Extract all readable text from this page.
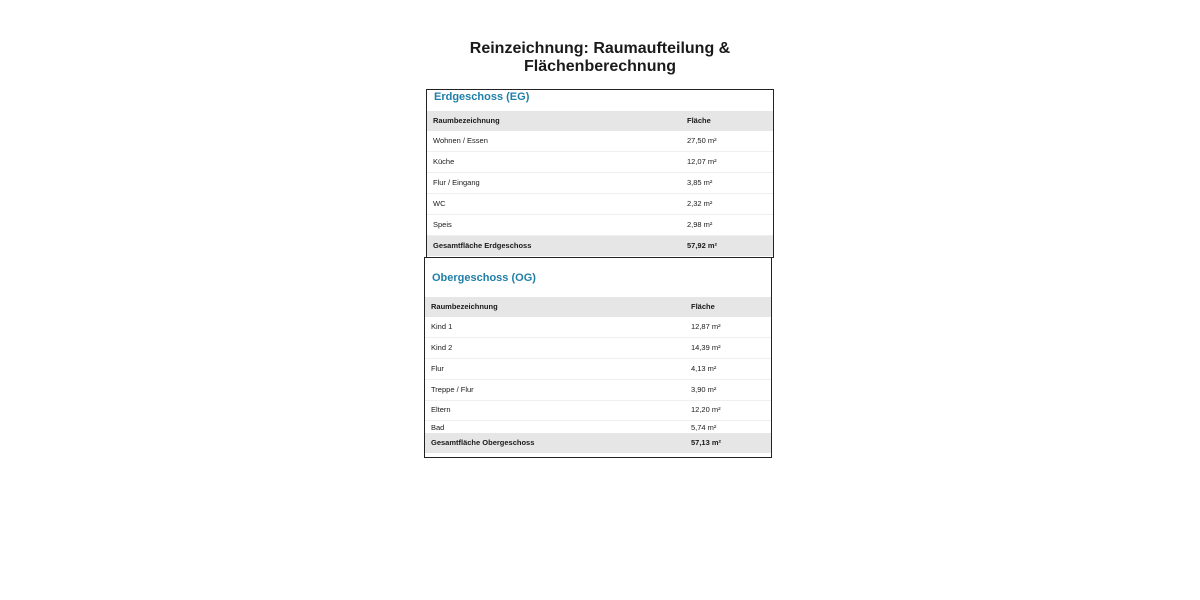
Reinzeichnung: Raumaufteilung &
Flächenberechnung
Erdgeschoss (EG)
Raumbezeichnung	Fläche
Wohnen / Essen	27,50 m²
Küche	12,07 m²
Flur / Eingang	3,85 m²
WC	2,32 m²
Speis	2,98 m²
Gesamtfläche Erdgeschoss	57,92 m²
Obergeschoss (OG)
Raumbezeichnung	Fläche
Kind 1	12,87 m²
Kind 2	14,39 m²
Flur	4,13 m²
Treppe / Flur	3,90 m²
Eltern	12,20 m²
Bad	5,74 m²
Gesamtfläche Obergeschoss	57,13 m²
